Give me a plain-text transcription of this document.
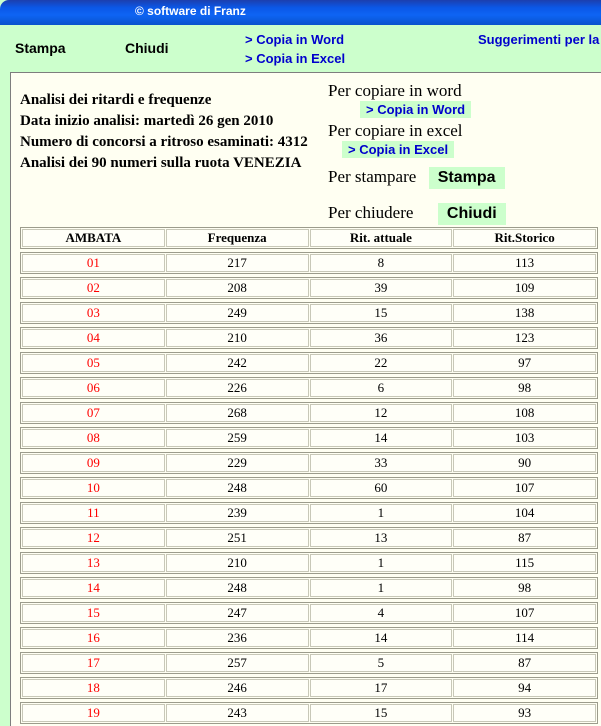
© software di Franz
Stampa	Chiudi
> Copia in Word
> Copia in Excel
Suggerimenti per la
Analisi dei ritardi e frequenze
Data inizio analisi: martedì 26 gen 2010
Numero di concorsi a ritroso esaminati: 4312
Analisi dei 90 numeri sulla ruota VENEZIA
Per copiare in word
> Copia in Word
Per copiare in excel
> Copia in Excel
Per stampare Stampa
Per chiudere Chiudi
AMBATA	Frequenza	Rit. attuale	Rit.Storico
01	217	8	113
02	208	39	109
03	249	15	138
04	210	36	123
05	242	22	97
06	226	6	98
07	268	12	108
08	259	14	103
09	229	33	90
10	248	60	107
11	239	1	104
12	251	13	87
13	210	1	115
14	248	1	98
15	247	4	107
16	236	14	114
17	257	5	87
18	246	17	94
19	243	15	93
